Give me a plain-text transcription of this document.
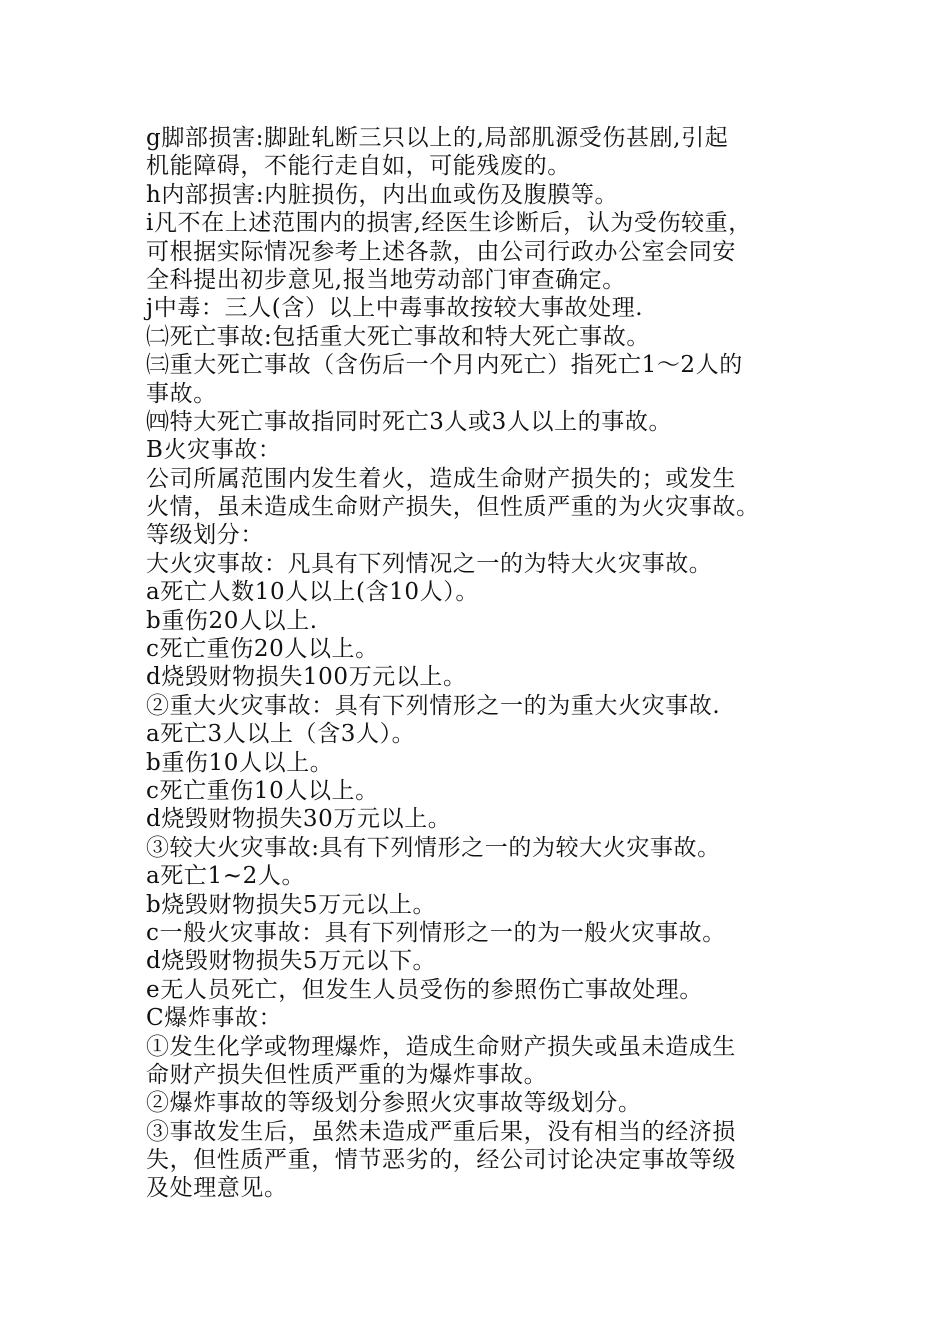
g脚部损害:脚趾轧断三只以上的,局部肌源受伤甚剧,引起
机能障碍，不能行走自如，可能残废的。
h内部损害:内脏损伤，内出血或伤及腹膜等。
i凡不在上述范围内的损害,经医生诊断后，认为受伤较重，
可根据实际情况参考上述各款，由公司行政办公室会同安
全科提出初步意见,报当地劳动部门审查确定。
j中毒：三人(含）以上中毒事故按较大事故处理.
㈡死亡事故:包括重大死亡事故和特大死亡事故。
㈢重大死亡事故（含伤后一个月内死亡）指死亡1～2人的
事故。
㈣特大死亡事故指同时死亡3人或3人以上的事故。
B火灾事故：
公司所属范围内发生着火，造成生命财产损失的；或发生
火情，虽未造成生命财产损失，但性质严重的为火灾事故。
等级划分：
大火灾事故：凡具有下列情况之一的为特大火灾事故。
a死亡人数10人以上(含10人）。
b重伤20人以上.
c死亡重伤20人以上。
d烧毁财物损失100万元以上。
②重大火灾事故：具有下列情形之一的为重大火灾事故.
a死亡3人以上（含3人）。
b重伤10人以上。
c死亡重伤10人以上。
d烧毁财物损失30万元以上。
③较大火灾事故:具有下列情形之一的为较大火灾事故。
a死亡1~2人。
b烧毁财物损失5万元以上。
c一般火灾事故：具有下列情形之一的为一般火灾事故。
d烧毁财物损失5万元以下。
e无人员死亡，但发生人员受伤的参照伤亡事故处理。
C爆炸事故：
①发生化学或物理爆炸，造成生命财产损失或虽未造成生
命财产损失但性质严重的为爆炸事故。
②爆炸事故的等级划分参照火灾事故等级划分。
③事故发生后，虽然未造成严重后果，没有相当的经济损
失，但性质严重，情节恶劣的，经公司讨论决定事故等级
及处理意见。
